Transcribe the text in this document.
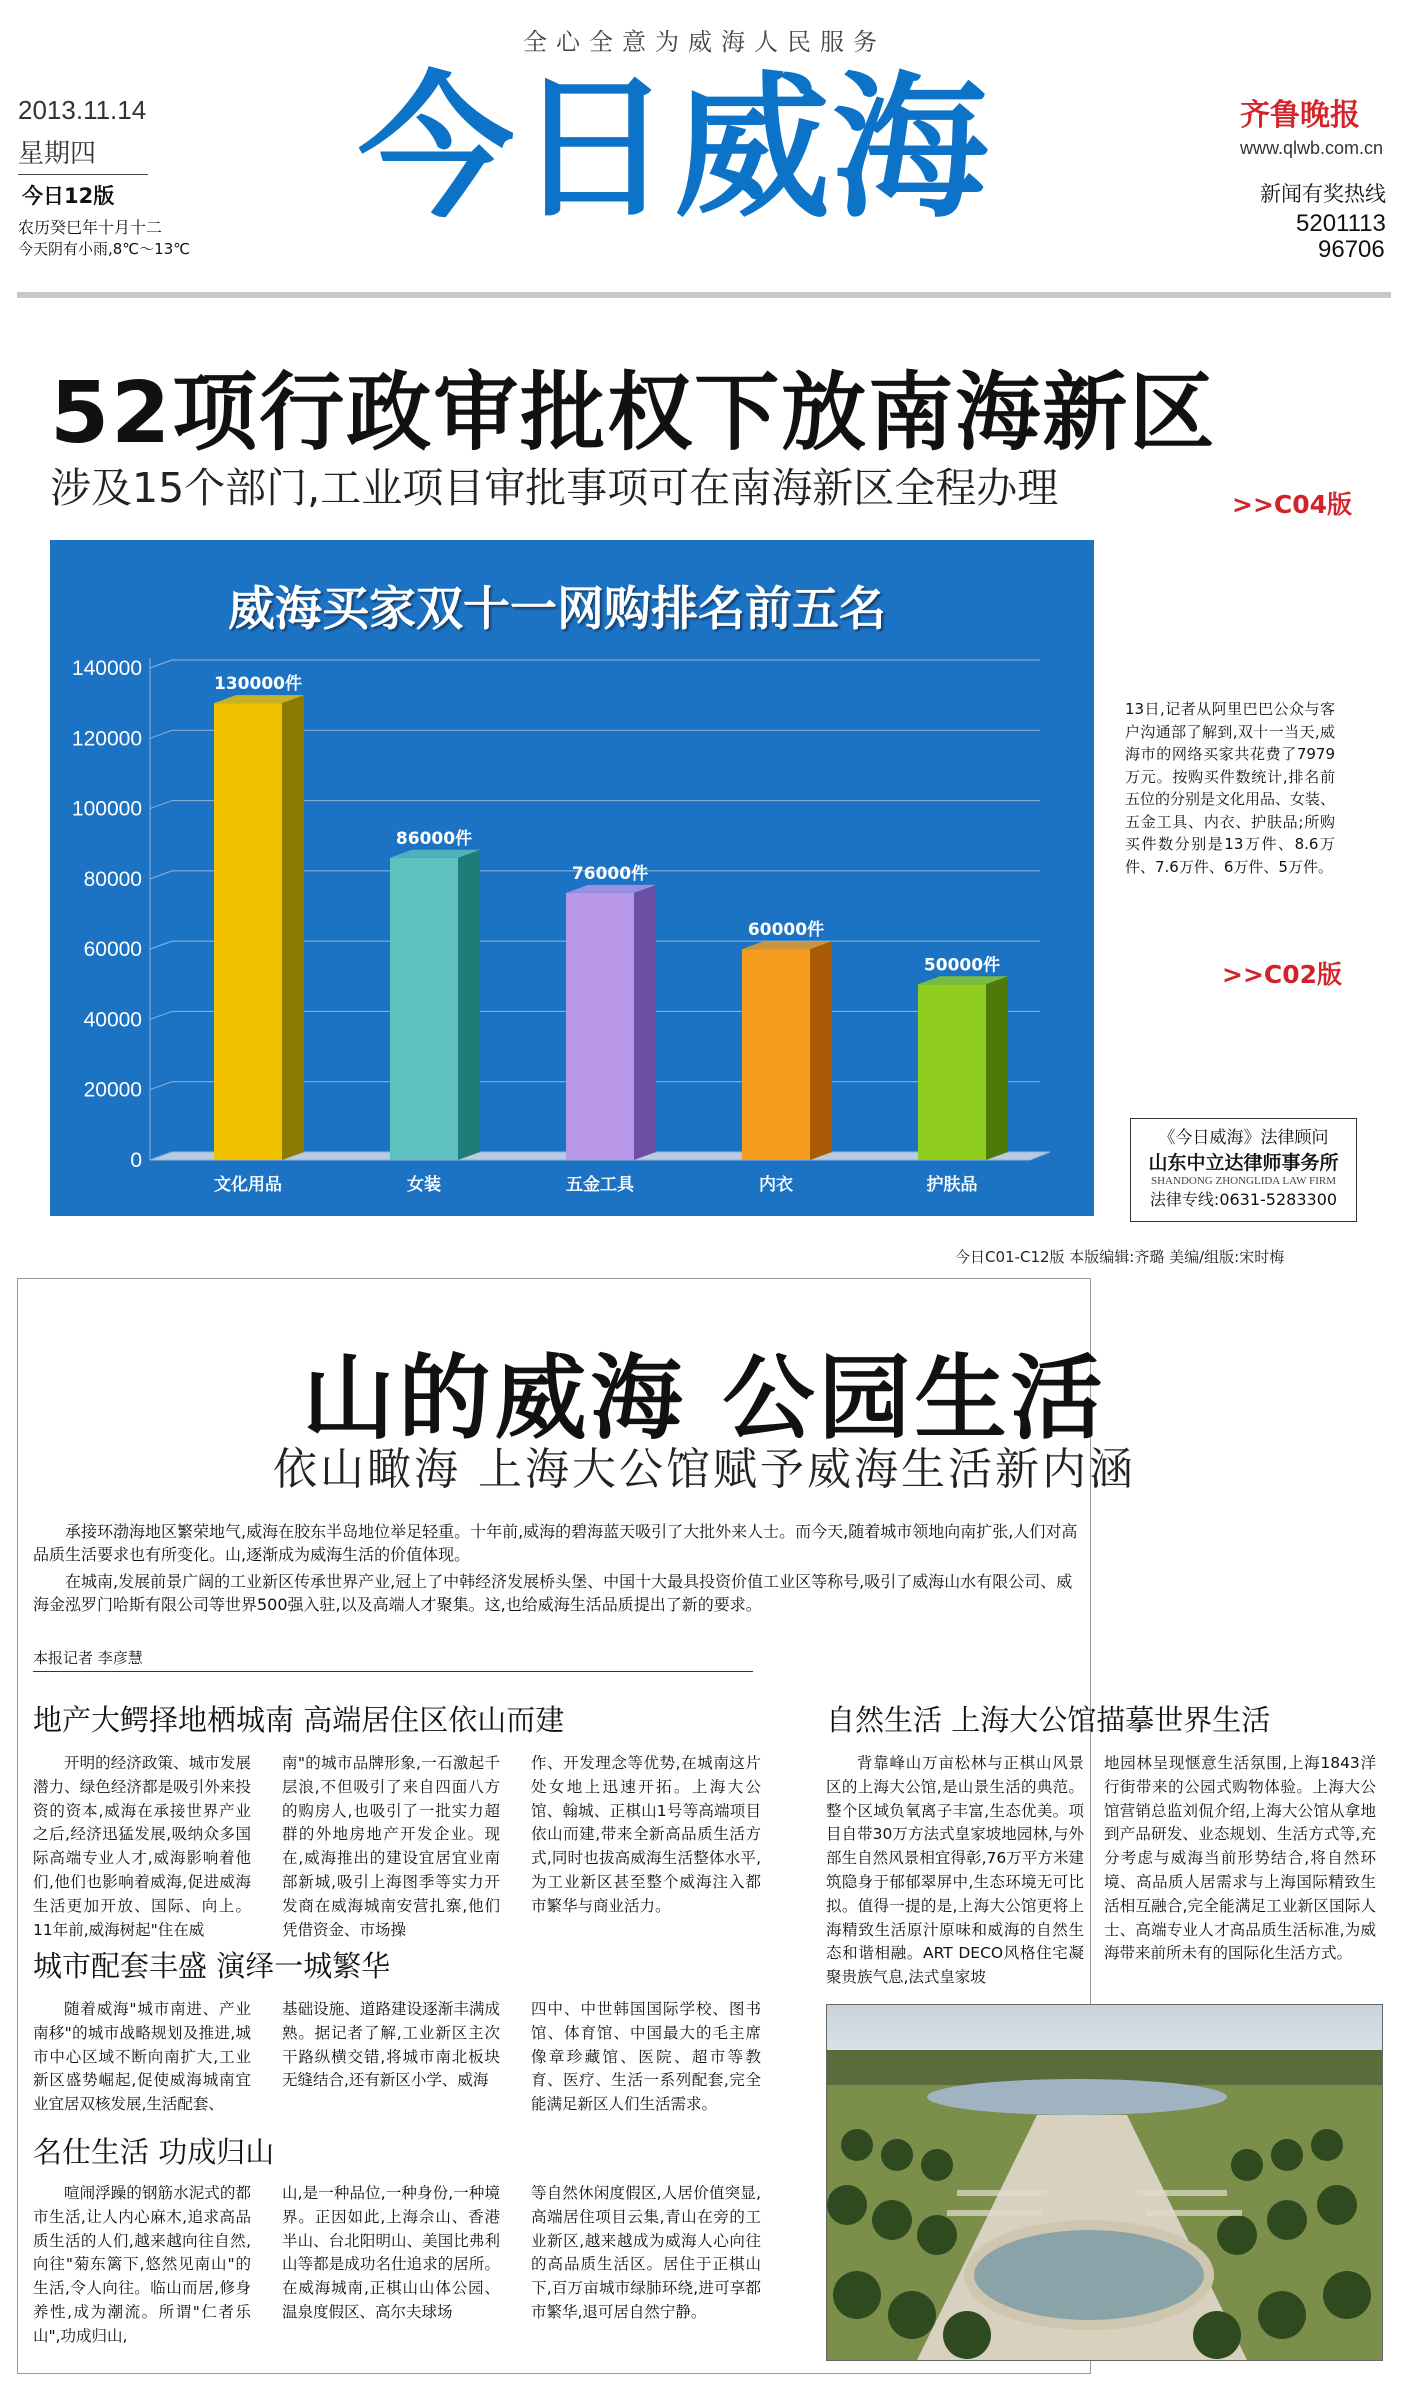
全心全意为威海人民服务
2013.11.14
星期四
今日12版
农历癸巳年十月十二
今天阴有小雨,8℃～13℃
今日威海	齐鲁晚报
www.qlwb.com.cn
新闻有奖热线
5201113
96706
52项行政审批权下放南海新区
涉及15个部门,工业项目审批事项可在南海新区全程办理	>>C04版
威海买家双十一网购排名前五名
0
20000
40000
60000
80000
100000
120000
140000
130000件
文化用品
86000件
女装
76000件
五金工具
60000件
内衣
50000件
护肤品
13日,记者从阿里巴巴公众与客户沟通部了解到,双十一当天,威海市的网络买家共花费了7979万元。按购买件数统计,排名前五位的分别是文化用品、女装、五金工具、内衣、护肤品;所购买件数分别是13万件、8.6万件、7.6万件、6万件、5万件。
>>C02版
《今日威海》法律顾问
山东中立达律师事务所
SHANDONG ZHONGLIDA LAW FIRM
法律专线:0631-5283300
今日C01-C12版 本版编辑:齐璐 美编/组版:宋时梅
山的威海 公园生活
依山瞰海 上海大公馆赋予威海生活新内涵

承接环渤海地区繁荣地气,威海在胶东半岛地位举足轻重。十年前,威海的碧海蓝天吸引了大批外来人士。而今天,随着城市领地向南扩张,人们对高品质生活要求也有所变化。山,逐渐成为威海生活的价值体现。

在城南,发展前景广阔的工业新区传承世界产业,冠上了中韩经济发展桥头堡、中国十大最具投资价值工业区等称号,吸引了威海山水有限公司、威海金泓罗门哈斯有限公司等世界500强入驻,以及高端人才聚集。这,也给威海生活品质提出了新的要求。

本报记者 李彦慧
地产大鳄择地栖城南 高端居住区依山而建
开明的经济政策、城市发展潜力、绿色经济都是吸引外来投资的资本,威海在承接世界产业之后,经济迅猛发展,吸纳众多国际高端专业人才,威海影响着他们,他们也影响着威海,促进威海生活更加开放、国际、向上。11年前,威海树起"住在威
南"的城市品牌形象,一石激起千层浪,不但吸引了来自四面八方的购房人,也吸引了一批实力超群的外地房地产开发企业。现在,威海推出的建设宜居宜业南部新城,吸引上海图季等实力开发商在威海城南安营扎寨,他们凭借资金、市场操
作、开发理念等优势,在城南这片处女地上迅速开拓。上海大公馆、翰城、正棋山1号等高端项目依山而建,带来全新高品质生活方式,同时也拔高威海生活整体水平,为工业新区甚至整个威海注入都市繁华与商业活力。
城市配套丰盛 演绎一城繁华
随着威海"城市南进、产业南移"的城市战略规划及推进,城市中心区域不断向南扩大,工业新区盛势崛起,促使威海城南宜业宜居双核发展,生活配套、
基础设施、道路建设逐渐丰满成熟。据记者了解,工业新区主次干路纵横交错,将城市南北板块无缝结合,还有新区小学、威海
四中、中世韩国国际学校、图书馆、体育馆、中国最大的毛主席像章珍藏馆、医院、超市等教育、医疗、生活一系列配套,完全能满足新区人们生活需求。
名仕生活 功成归山
喧闹浮躁的钢筋水泥式的都市生活,让人内心麻木,追求高品质生活的人们,越来越向往自然,向往"菊东篱下,悠然见南山"的生活,令人向往。临山而居,修身养性,成为潮流。所谓"仁者乐山",功成归山,
山,是一种品位,一种身份,一种境界。正因如此,上海佘山、香港半山、台北阳明山、美国比弗利山等都是成功名仕追求的居所。在威海城南,正棋山山体公园、温泉度假区、高尔夫球场
等自然休闲度假区,人居价值突显,高端居住项目云集,青山在旁的工业新区,越来越成为威海人心向往的高品质生活区。居住于正棋山下,百万亩城市绿肺环绕,进可享都市繁华,退可居自然宁静。
自然生活 上海大公馆描摹世界生活
背靠峰山万亩松林与正棋山风景区的上海大公馆,是山景生活的典范。整个区域负氧离子丰富,生态优美。项目自带30万方法式皇家坡地园林,与外部生自然风景相宜得彰,76万平方米建筑隐身于郁郁翠屏中,生态环境无可比拟。值得一提的是,上海大公馆更将上海精致生活原汁原味和威海的自然生态和谐相融。ART DECO风格住宅凝聚贵族气息,法式皇家坡
地园林呈现惬意生活氛围,上海1843洋行街带来的公园式购物体验。上海大公馆营销总监刘侃介绍,上海大公馆从拿地到产品研发、业态规划、生活方式等,充分考虑与威海当前形势结合,将自然环境、高品质人居需求与上海国际精致生活相互融合,完全能满足工业新区国际人士、高端专业人才高品质生活标准,为威海带来前所未有的国际化生活方式。
